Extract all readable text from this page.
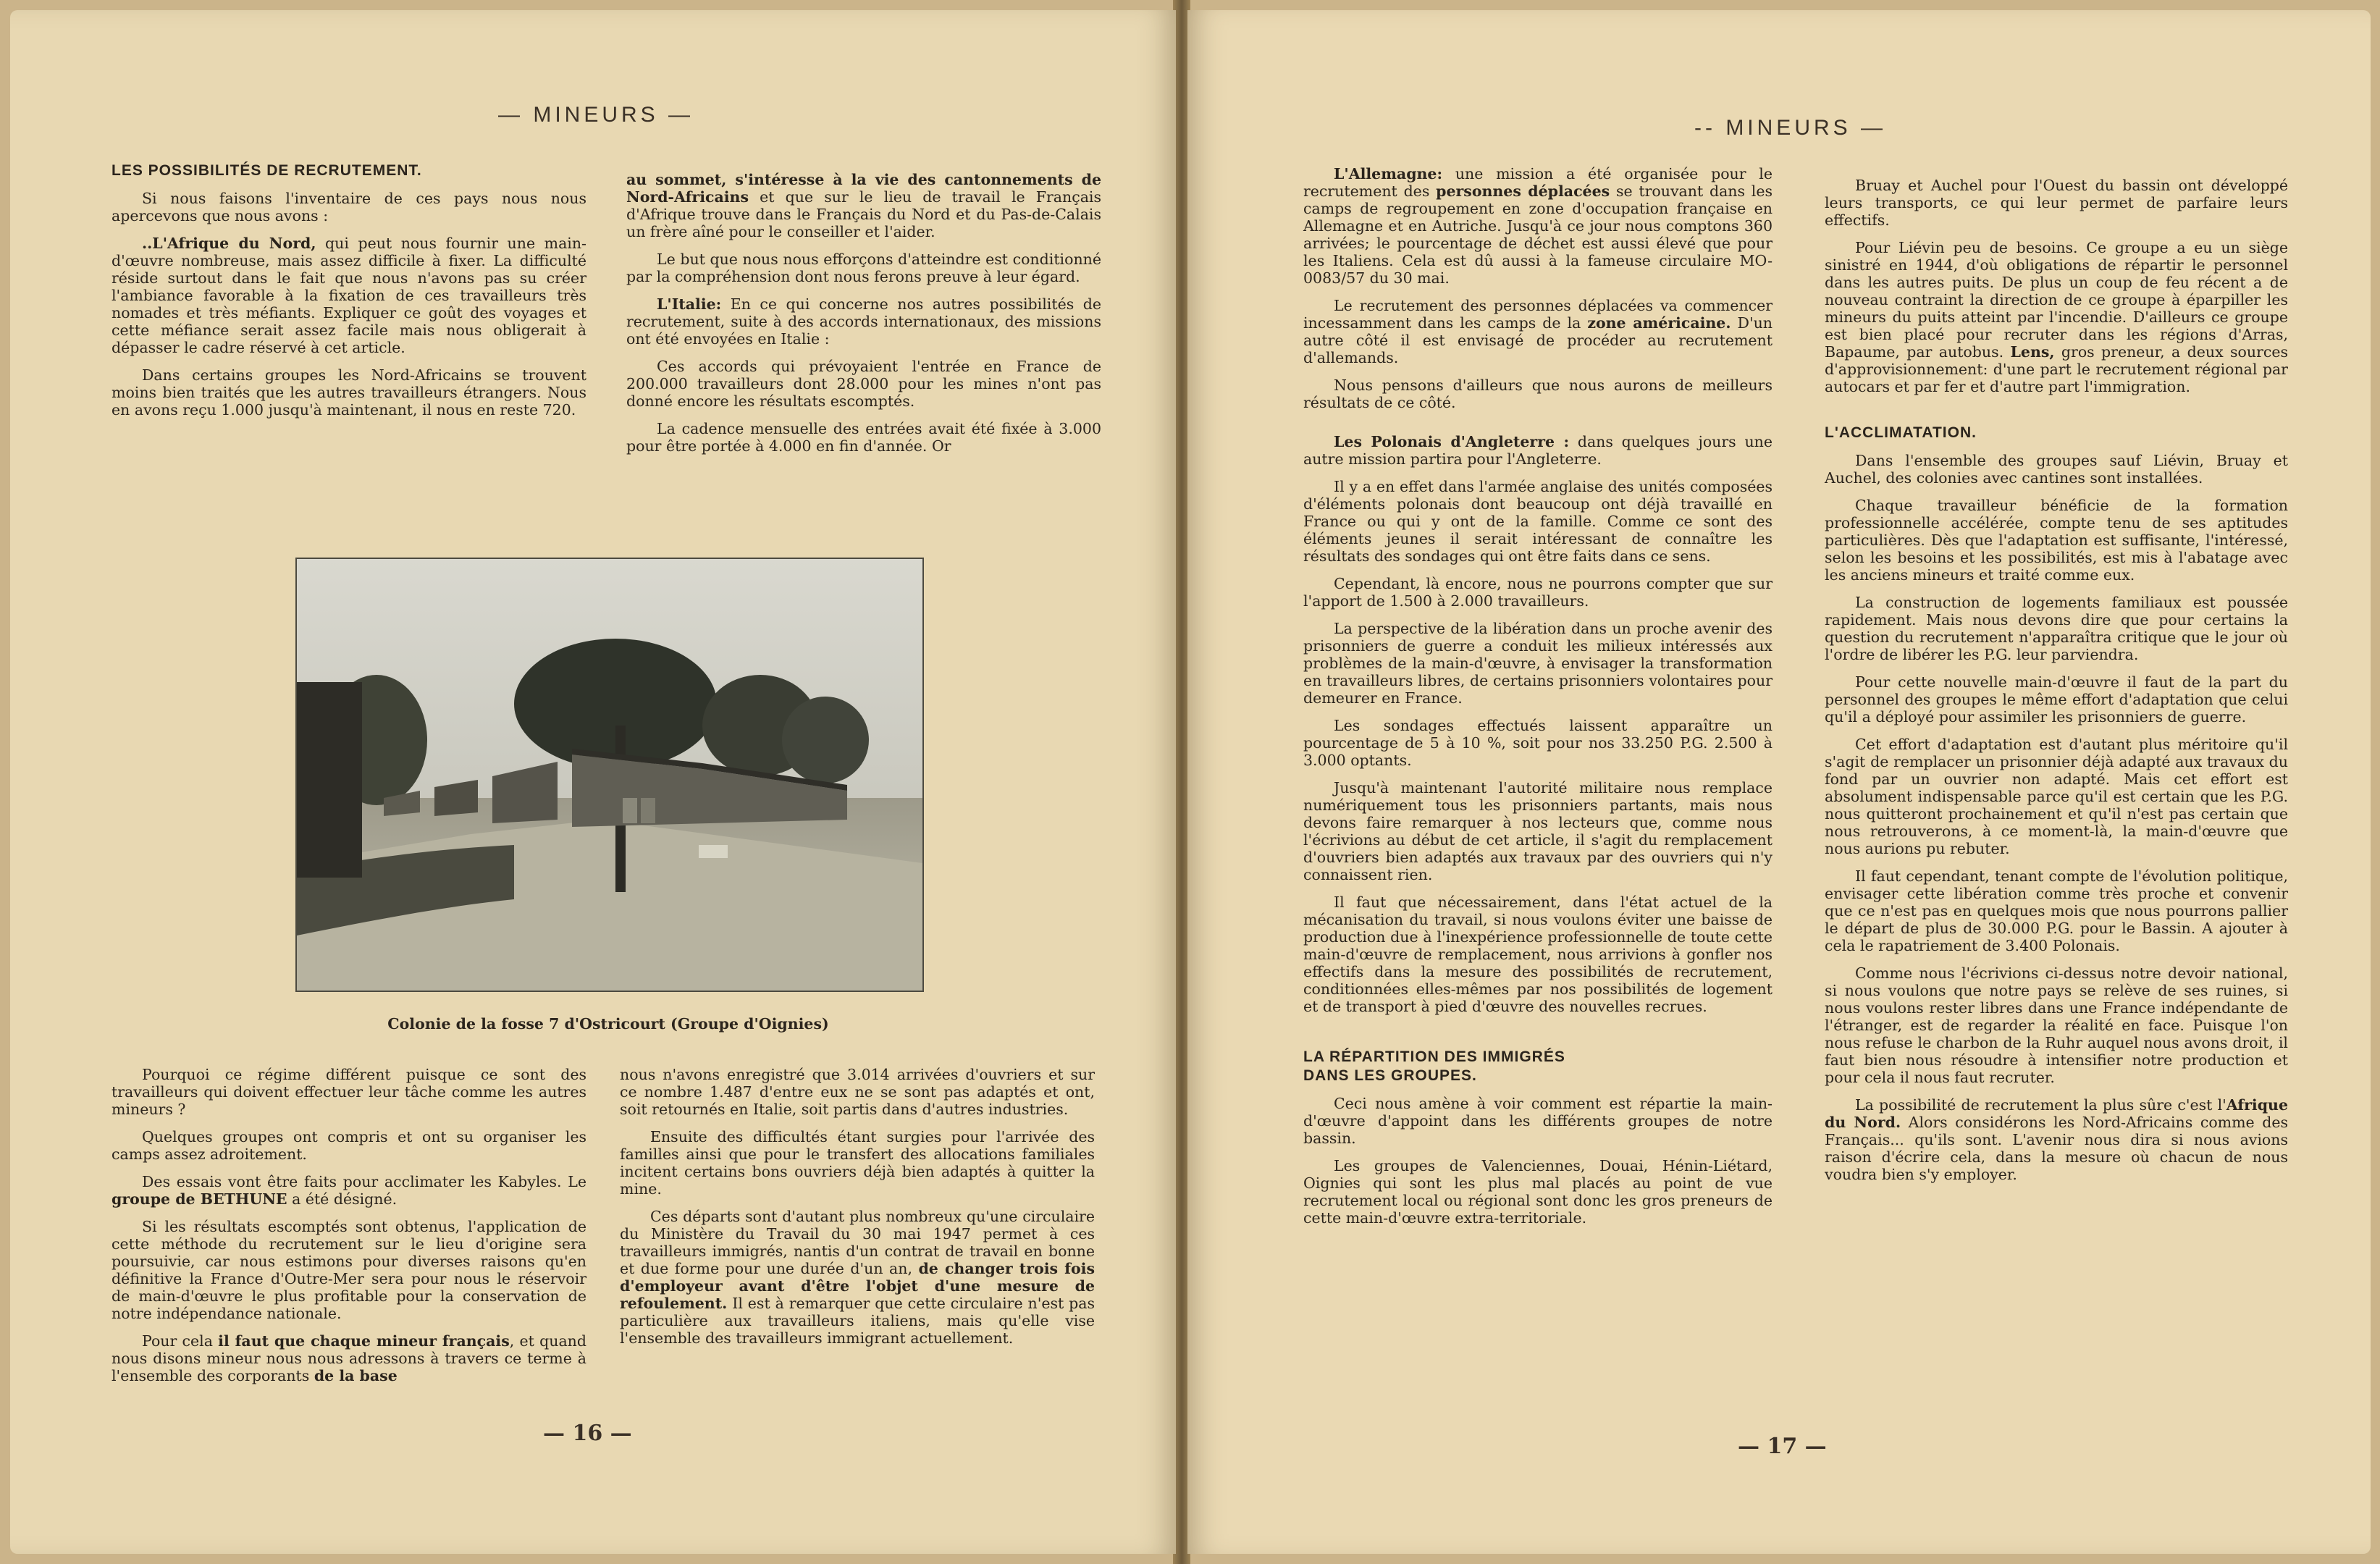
— MINEURS —

LES POSSIBILITÉS DE RECRUTEMENT.

Si nous faisons l'inventaire de ces pays nous nous apercevons que nous avons :

..L'Afrique du Nord, qui peut nous fournir une main-d'œuvre nombreuse, mais assez difficile à fixer. La difficulté réside surtout dans le fait que nous n'avons pas su créer l'ambiance favorable à la fixation de ces travailleurs très nomades et très méfiants. Expliquer ce goût des voyages et cette méfiance serait assez facile mais nous obligerait à dépasser le cadre réservé à cet article.

Dans certains groupes les Nord-Africains se trouvent moins bien traités que les autres travailleurs étrangers. Nous en avons reçu 1.000 jusqu'à maintenant, il nous en reste 720.

au sommet, s'intéresse à la vie des cantonnements de Nord-Africains et que sur le lieu de travail le Français d'Afrique trouve dans le Français du Nord et du Pas-de-Calais un frère aîné pour le conseiller et l'aider.

Le but que nous nous efforçons d'atteindre est conditionné par la compréhension dont nous ferons preuve à leur égard.

L'Italie: En ce qui concerne nos autres possibilités de recrutement, suite à des accords internationaux, des missions ont été envoyées en Italie :

Ces accords qui prévoyaient l'entrée en France de 200.000 travailleurs dont 28.000 pour les mines n'ont pas donné encore les résultats escomptés.

La cadence mensuelle des entrées avait été fixée à 3.000 pour être portée à 4.000 en fin d'année. Or

Colonie de la fosse 7 d'Ostricourt (Groupe d'Oignies)

Pourquoi ce régime différent puisque ce sont des travailleurs qui doivent effectuer leur tâche comme les autres mineurs ?

Quelques groupes ont compris et ont su organiser les camps assez adroitement.

Des essais vont être faits pour acclimater les Kabyles. Le groupe de BETHUNE a été désigné.

Si les résultats escomptés sont obtenus, l'application de cette méthode du recrutement sur le lieu d'origine sera poursuivie, car nous estimons pour diverses raisons qu'en définitive la France d'Outre-Mer sera pour nous le réservoir de main-d'œuvre le plus profitable pour la conservation de notre indépendance nationale.

Pour cela il faut que chaque mineur français, et quand nous disons mineur nous nous adressons à travers ce terme à l'ensemble des corporants de la base

nous n'avons enregistré que 3.014 arrivées d'ouvriers et sur ce nombre 1.487 d'entre eux ne se sont pas adaptés et ont, soit retournés en Italie, soit partis dans d'autres industries.

Ensuite des difficultés étant surgies pour l'arrivée des familles ainsi que pour le transfert des allocations familiales incitent certains bons ouvriers déjà bien adaptés à quitter la mine.

Ces départs sont d'autant plus nombreux qu'une circulaire du Ministère du Travail du 30 mai 1947 permet à ces travailleurs immigrés, nantis d'un contrat de travail en bonne et due forme pour une durée d'un an, de changer trois fois d'employeur avant d'être l'objet d'une mesure de refoulement. Il est à remarquer que cette circulaire n'est pas particulière aux travailleurs italiens, mais qu'elle vise l'ensemble des travailleurs immigrant actuellement.

— 16 —
-- MINEURS —

L'Allemagne: une mission a été organisée pour le recrutement des personnes déplacées se trouvant dans les camps de regroupement en zone d'occupation française en Allemagne et en Autriche. Jusqu'à ce jour nous comptons 360 arrivées; le pourcentage de déchet est aussi élevé que pour les Italiens. Cela est dû aussi à la fameuse circulaire MO-0083/57 du 30 mai.

Le recrutement des personnes déplacées va commencer incessamment dans les camps de la zone américaine. D'un autre côté il est envisagé de procéder au recrutement d'allemands.

Nous pensons d'ailleurs que nous aurons de meilleurs résultats de ce côté.

Les Polonais d'Angleterre : dans quelques jours une autre mission partira pour l'Angleterre.

Il y a en effet dans l'armée anglaise des unités composées d'éléments polonais dont beaucoup ont déjà travaillé en France ou qui y ont de la famille. Comme ce sont des éléments jeunes il serait intéressant de connaître les résultats des sondages qui ont être faits dans ce sens.

Cependant, là encore, nous ne pourrons compter que sur l'apport de 1.500 à 2.000 travailleurs.

La perspective de la libération dans un proche avenir des prisonniers de guerre a conduit les milieux intéressés aux problèmes de la main-d'œuvre, à envisager la transformation en travailleurs libres, de certains prisonniers volontaires pour demeurer en France.

Les sondages effectués laissent apparaître un pourcentage de 5 à 10 %, soit pour nos 33.250 P.G. 2.500 à 3.000 optants.

Jusqu'à maintenant l'autorité militaire nous remplace numériquement tous les prisonniers partants, mais nous devons faire remarquer à nos lecteurs que, comme nous l'écrivions au début de cet article, il s'agit du remplacement d'ouvriers bien adaptés aux travaux par des ouvriers qui n'y connaissent rien.

Il faut que nécessairement, dans l'état actuel de la mécanisation du travail, si nous voulons éviter une baisse de production due à l'inexpérience professionnelle de toute cette main-d'œuvre de remplacement, nous arrivions à gonfler nos effectifs dans la mesure des possibilités de recrutement, conditionnées elles-mêmes par nos possibilités de logement et de transport à pied d'œuvre des nouvelles recrues.

LA RÉPARTITION DES IMMIGRÉS

DANS LES GROUPES.

Ceci nous amène à voir comment est répartie la main-d'œuvre d'appoint dans les différents groupes de notre bassin.

Les groupes de Valenciennes, Douai, Hénin-Liétard, Oignies qui sont les plus mal placés au point de vue recrutement local ou régional sont donc les gros preneurs de cette main-d'œuvre extra-territoriale.

Bruay et Auchel pour l'Ouest du bassin ont développé leurs transports, ce qui leur permet de parfaire leurs effectifs.

Pour Liévin peu de besoins. Ce groupe a eu un siège sinistré en 1944, d'où obligations de répartir le personnel dans les autres puits. De plus un coup de feu récent a de nouveau contraint la direction de ce groupe à éparpiller les mineurs du puits atteint par l'incendie. D'ailleurs ce groupe est bien placé pour recruter dans les régions d'Arras, Bapaume, par autobus. Lens, gros preneur, a deux sources d'approvisionnement: d'une part le recrutement régional par autocars et par fer et d'autre part l'immigration.

L'ACCLIMATATION.

Dans l'ensemble des groupes sauf Liévin, Bruay et Auchel, des colonies avec cantines sont installées.

Chaque travailleur bénéficie de la formation professionnelle accélérée, compte tenu de ses aptitudes particulières. Dès que l'adaptation est suffisante, l'intéressé, selon les besoins et les possibilités, est mis à l'abatage avec les anciens mineurs et traité comme eux.

La construction de logements familiaux est poussée rapidement. Mais nous devons dire que pour certains la question du recrutement n'apparaîtra critique que le jour où l'ordre de libérer les P.G. leur parviendra.

Pour cette nouvelle main-d'œuvre il faut de la part du personnel des groupes le même effort d'adaptation que celui qu'il a déployé pour assimiler les prisonniers de guerre.

Cet effort d'adaptation est d'autant plus méritoire qu'il s'agit de remplacer un prisonnier déjà adapté aux travaux du fond par un ouvrier non adapté. Mais cet effort est absolument indispensable parce qu'il est certain que les P.G. nous quitteront prochainement et qu'il n'est pas certain que nous retrouverons, à ce moment-là, la main-d'œuvre que nous aurions pu rebuter.

Il faut cependant, tenant compte de l'évolution politique, envisager cette libération comme très proche et convenir que ce n'est pas en quelques mois que nous pourrons pallier le départ de plus de 30.000 P.G. pour le Bassin. A ajouter à cela le rapatriement de 3.400 Polonais.

Comme nous l'écrivions ci-dessus notre devoir national, si nous voulons que notre pays se relève de ses ruines, si nous voulons rester libres dans une France indépendante de l'étranger, est de regarder la réalité en face. Puisque l'on nous refuse le charbon de la Ruhr auquel nous avons droit, il faut bien nous résoudre à intensifier notre production et pour cela il nous faut recruter.

La possibilité de recrutement la plus sûre c'est l'Afrique du Nord. Alors considérons les Nord-Africains comme des Français... qu'ils sont. L'avenir nous dira si nous avions raison d'écrire cela, dans la mesure où chacun de nous voudra bien s'y employer.

— 17 —
